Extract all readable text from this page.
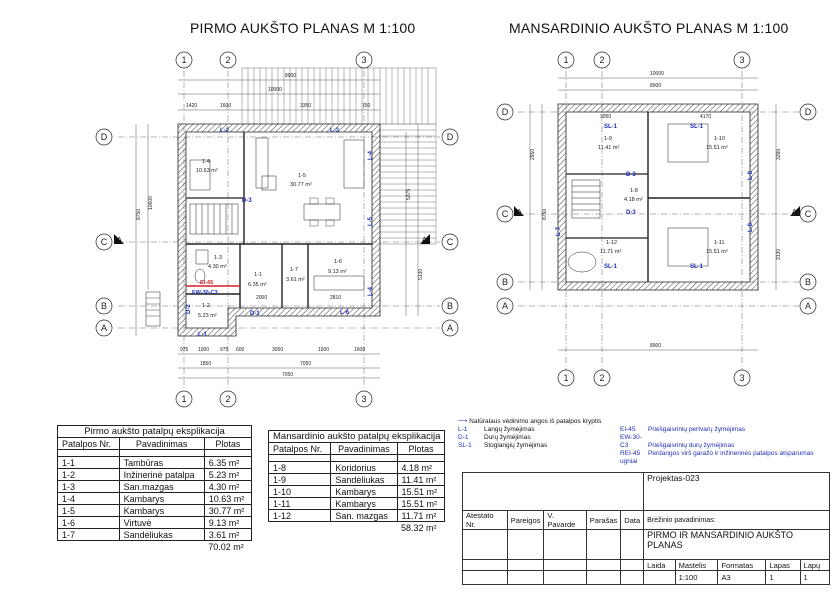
PIRMO AUKŠTO PLANAS M 1:100	MANSARDINIO AUKŠTO PLANAS M 1:100
8900
10000
1420	1600	3350	750
975 1000 975 600	3050	1600	1600
1850	7050
7050
8750
10600
5375
5130
2000	2810
1-5
30.77 m²
1-4
10.63 m²
1-3
4.30 m²
1-1
6.35 m²
1-7
3.61 m²
1-6
9.13 m²
1-2
5.23 m²
L-2	L-3
L-4
L-5
L-4
L-6
L-1
D-3
D-1
D-2
EI-45
EW-30-C3
1	2	3
1	2	3
D
C
B
A
D
C
B
A
A	A
A	A
10000
8900
3950	4170
2950
8750
3390
3130
8900
1-9
11.41 m²
1-10
15.51 m²
1-8
4.18 m²
1-12
11.71 m²
1-11
15.51 m²
SL-1	SL-1
SL-1	SL-1
D-3
D-3
L-8
L-8
L-7
1	2	3
1	2	3
D
C
B
A
D
C
B
A
Pirmo aukšto patalpų eksplikacija		
Patalpos Nr.	Pavadinimas	Plotas

1-1	Tambūras	6.35 m²
1-2	Inžinerinė patalpa	5.23 m²
1-3	San.mazgas	4.30 m²
1-4	Kambarys	10.63 m²
1-5	Kambarys	30.77 m²
1-6	Virtuvė	9.13 m²
1-7	Sandėliukas	3.61 m²
		70.02 m²
Mansardinio aukšto patalpų eksplikacija		
Patalpos Nr.	Pavadinimas	Plotas

1-8	Koridorius	4.18 m²
1-9	Sandėliukas	11.41 m²
1-10	Kambarys	15.51 m²
1-11	Kambarys	15.51 m²
1-12	San. mazgas	11.71 m²
		58.32 m²
⟶ Natūralaus vėdinimo angos iš patalpos kryptis
L-1	Langų žymėjimas
D-1 Durų žymėjimas
SL-1 Stoglangių žymėjimas
EI-45 Priešgaisrinių pertvarų žymėjimas
EW-30-C3	Priešgaisrinių durų žymėjimas
REI-45 Perdangos virš garažo ir inžinerinės patalpos atsparumas ugniai
					Projektas-023				
Atestato Nr.	Pareigos	V. Pavardė	Parašas	Data	Brėžinio pavadinimas:				
					PIRMO IR MANSARDINIO AUKŠTO PLANAS				
					Laida	Mastelis	Formatas	Lapas	Lapų
						1:100	A3	1	1
